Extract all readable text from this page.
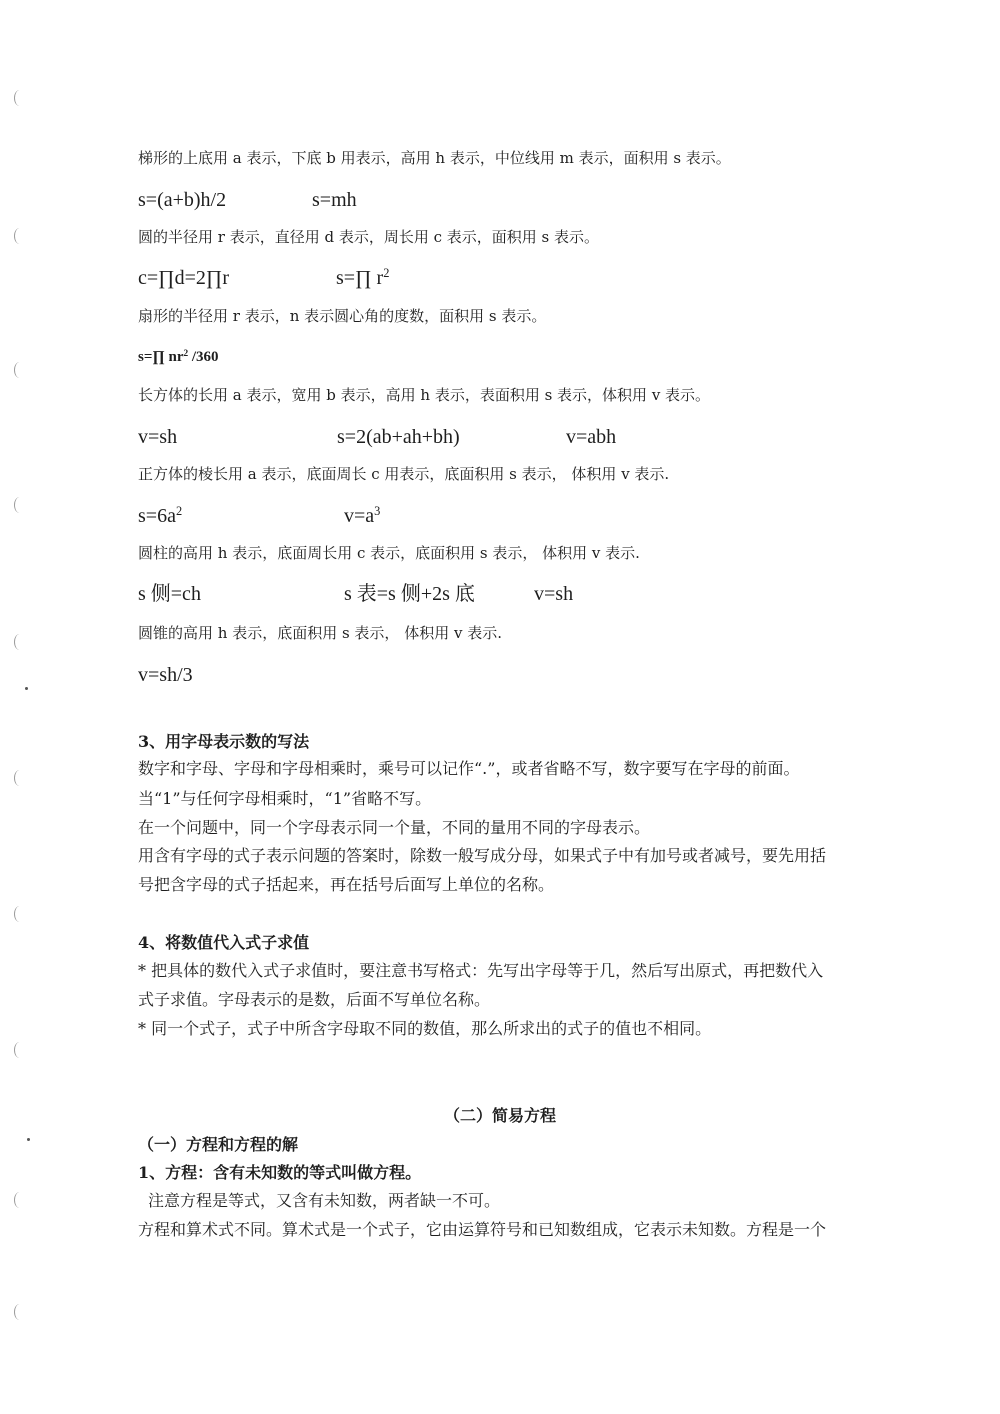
梯形的上底用 a 表示，下底 b 用表示，高用 h 表示，中位线用 m 表示，面积用 s 表示。
s=(a+b)h/2	s=mh
圆的半径用 r 表示，直径用 d 表示，周长用 c 表示，面积用 s 表示。
c=∏d=2∏r	s=∏ $r^2$
扇形的半径用 r 表示，n 表示圆心角的度数，面积用 s 表示。
s=∏ $nr^2$ /360
长方体的长用 a 表示，宽用 b 表示，高用 h 表示，表面积用 s 表示，体积用 v 表示。
v=sh	s=2(ab+ah+bh)	v=abh
正方体的棱长用 a 表示，底面周长 c 用表示，底面积用 s 表示， 体积用 v 表示.
$s=6a^2$	$v=a^3$
圆柱的高用 h 表示，底面周长用 c 表示，底面积用 s 表示， 体积用 v 表示.
s 侧=ch	s 表=s 侧+2s 底	v=sh
圆锥的高用 h 表示，底面积用 s 表示， 体积用 v 表示.
v=sh/3
3、用字母表示数的写法
数字和字母、字母和字母相乘时，乘号可以记作“.”，或者省略不写，数字要写在字母的前面。
当“1”与任何字母相乘时，“1”省略不写。
在一个问题中，同一个字母表示同一个量，不同的量用不同的字母表示。
用含有字母的式子表示问题的答案时，除数一般写成分母，如果式子中有加号或者减号，要先用括
号把含字母的式子括起来，再在括号后面写上单位的名称。
4、将数值代入式子求值
* 把具体的数代入式子求值时，要注意书写格式：先写出字母等于几，然后写出原式，再把数代入
式子求值。字母表示的是数，后面不写单位名称。
* 同一个式子，式子中所含字母取不同的数值，那么所求出的式子的值也不相同。
（二）简易方程
（一）方程和方程的解
1、方程：含有未知数的等式叫做方程。
注意方程是等式，又含有未知数，两者缺一不可。
方程和算术式不同。算术式是一个式子，它由运算符号和已知数组成，它表示未知数。方程是一个
